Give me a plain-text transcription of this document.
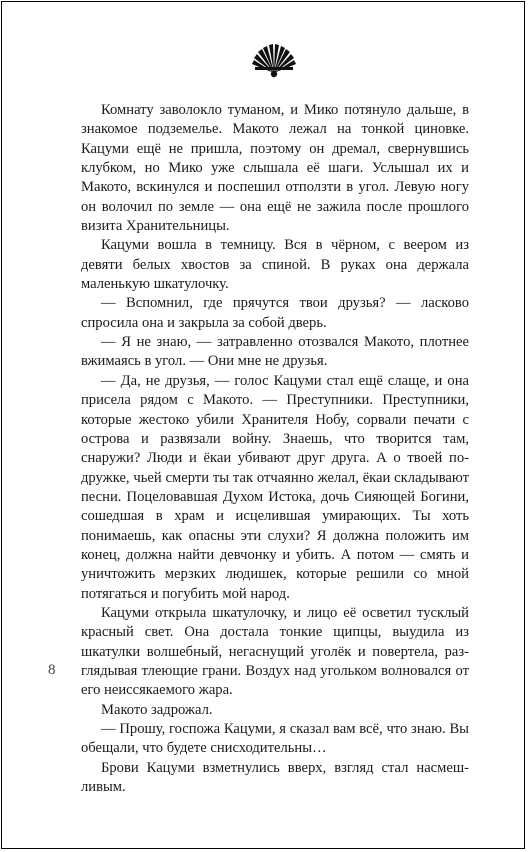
Комнату заволокло туманом, и Мико потянуло дальше, в знакомое подземелье. Макото лежал на тонкой циновке. Кацуми ещё не пришла, поэтому он дремал, свернувшись клубком, но Мико уже слышала её шаги. Услышал их и Макото, вскинулся и поспешил отползти в угол. Левую ногу он волочил по земле — она ещё не зажила после прошлого визита Хранительницы.

Кацуми вошла в темницу. Вся в чёрном, с веером из девяти белых хвостов за спиной. В руках она держала маленькую шкатулочку.

— Вспомнил, где прячутся твои друзья? — ласково спросила она и закрыла за собой дверь.

— Я не знаю, — затравленно отозвался Макото, плотнее вжимаясь в угол. — Они мне не друзья.

— Да, не друзья, — голос Кацуми стал ещё слаще, и она присела рядом с Макото. — Преступники. Преступники, которые жестоко убили Хранителя Нобу, сорвали печати с острова и развязали войну. Знаешь, что творится там, снаружи? Люди и ёкаи убивают друг друга. А о твоей подружке, чьей смерти ты так отчаянно желал, ёкаи складывают песни. Поцеловавшая Духом Истока, дочь Сияющей Богини, сошедшая в храм и исцелившая умирающих. Ты хоть понимаешь, как опасны эти слухи? Я должна положить им конец, должна найти девчонку и убить. А потом — смять и уничтожить мерзких людишек, которые решили со мной потягаться и погубить мой народ.

Кацуми открыла шкатулочку, и лицо её осветил тусклый красный свет. Она достала тонкие щипцы, выудила из шкатулки волшебный, негаснущий уголёк и повертела, разглядывая тлеющие грани. Воздух над угольком волновался от его неиссякаемого жара.

Макото задрожал.

— Прошу, госпожа Кацуми, я сказал вам всё, что знаю. Вы обещали, что будете снисходительны…

Брови Кацуми взметнулись вверх, взгляд стал насмешливым.

8
